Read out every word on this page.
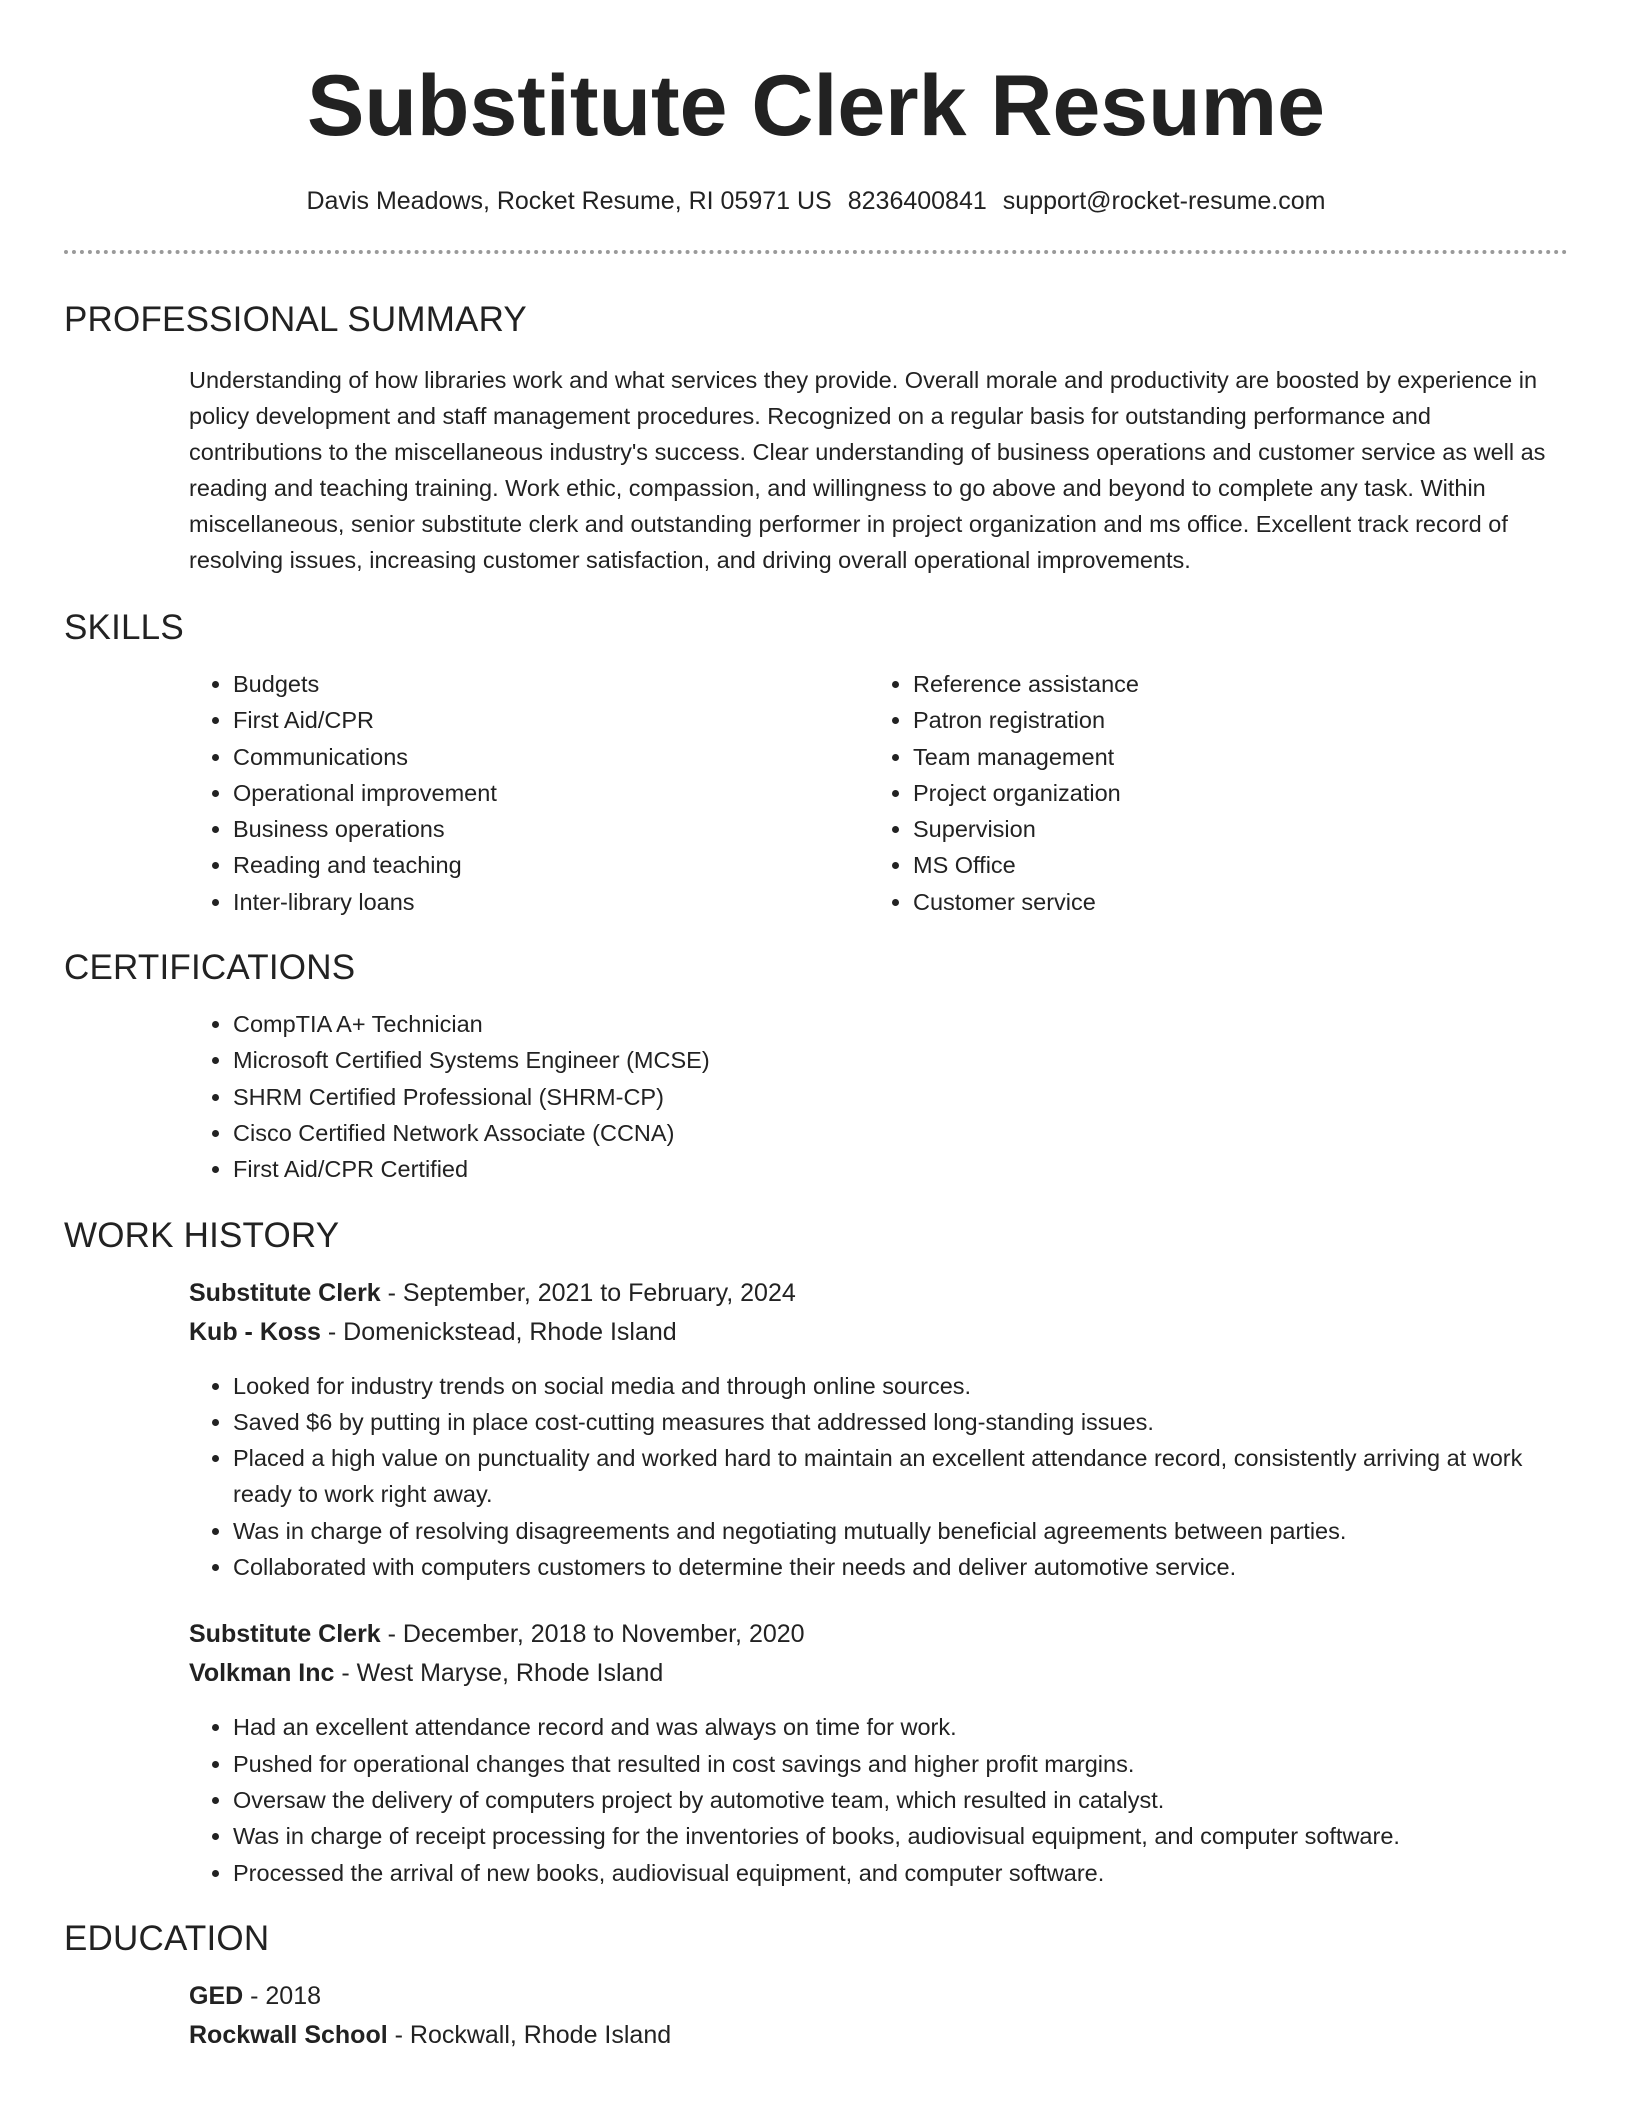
Substitute Clerk Resume
Davis Meadows, Rocket Resume, RI 05971 US 8236400841 support@rocket-resume.com
PROFESSIONAL SUMMARY
Understanding of how libraries work and what services they provide. Overall morale and productivity are boosted by experience in policy development and staff management procedures. Recognized on a regular basis for outstanding performance and contributions to the miscellaneous industry's success. Clear understanding of business operations and customer service as well as reading and teaching training. Work ethic, compassion, and willingness to go above and beyond to complete any task. Within miscellaneous, senior substitute clerk and outstanding performer in project organization and ms office. Excellent track record of resolving issues, increasing customer satisfaction, and driving overall operational improvements.
SKILLS
• Budgets
• First Aid/CPR
• Communications
• Operational improvement
• Business operations
• Reading and teaching
• Inter-library loans
• Reference assistance
• Patron registration
• Team management
• Project organization
• Supervision
• MS Office
• Customer service
CERTIFICATIONS
• CompTIA A+ Technician
• Microsoft Certified Systems Engineer (MCSE)
• SHRM Certified Professional (SHRM-CP)
• Cisco Certified Network Associate (CCNA)
• First Aid/CPR Certified
WORK HISTORY
Substitute Clerk - September, 2021 to February, 2024
Kub - Koss - Domenickstead, Rhode Island
• Looked for industry trends on social media and through online sources.
• Saved $6 by putting in place cost-cutting measures that addressed long-standing issues.
• Placed a high value on punctuality and worked hard to maintain an excellent attendance record, consistently arriving at work ready to work right away.
• Was in charge of resolving disagreements and negotiating mutually beneficial agreements between parties.
• Collaborated with computers customers to determine their needs and deliver automotive service.
Substitute Clerk - December, 2018 to November, 2020
Volkman Inc - West Maryse, Rhode Island
• Had an excellent attendance record and was always on time for work.
• Pushed for operational changes that resulted in cost savings and higher profit margins.
• Oversaw the delivery of computers project by automotive team, which resulted in catalyst.
• Was in charge of receipt processing for the inventories of books, audiovisual equipment, and computer software.
• Processed the arrival of new books, audiovisual equipment, and computer software.
EDUCATION
GED - 2018
Rockwall School - Rockwall, Rhode Island
